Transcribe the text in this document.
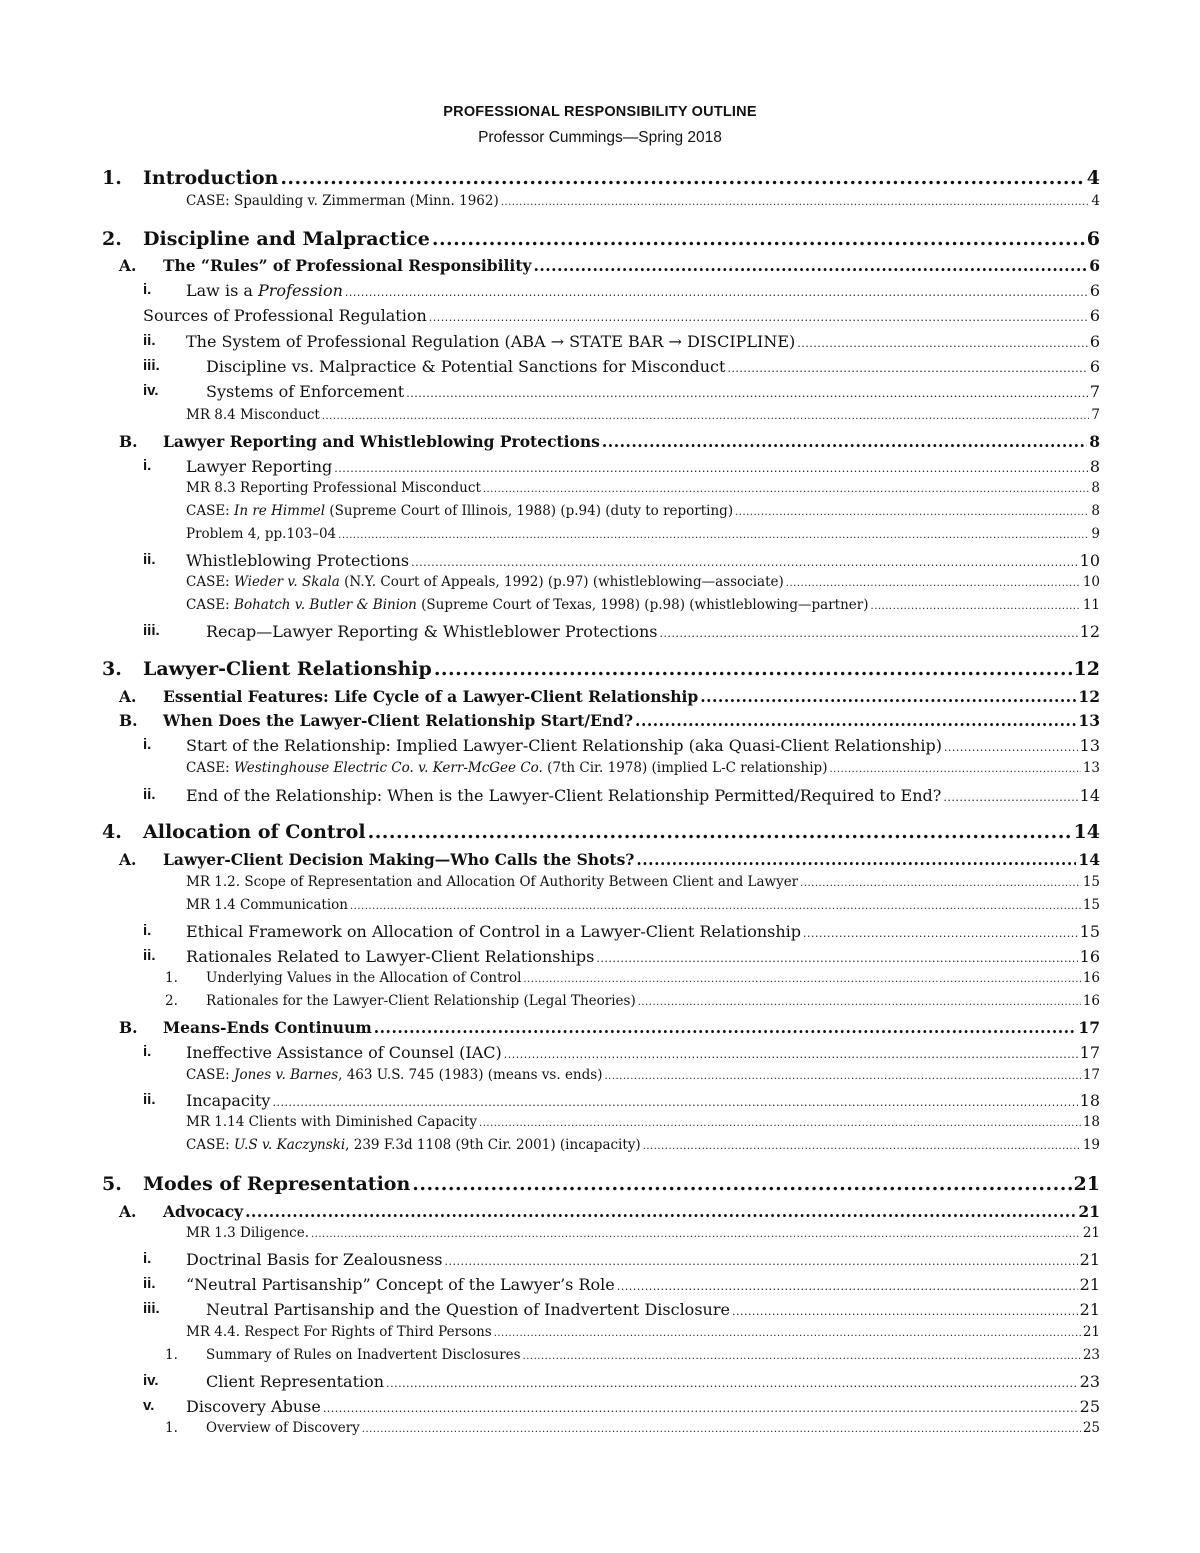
PROFESSIONAL RESPONSIBILITY OUTLINE
Professor Cummings—Spring 2018
1. Introduction .....	4
CASE: Spaulding v. Zimmerman (Minn. 1962) .....	4
2. Discipline and Malpractice .....	6
A. The “Rules” of Professional Responsibility .....	6
i. Law is a Profession .....	6
Sources of Professional Regulation .....	6
ii. The System of Professional Regulation (ABA → STATE BAR → DISCIPLINE) .....	6
iii.	Discipline vs. Malpractice & Potential Sanctions for Misconduct .....	6
iv.	Systems of Enforcement .....	7
MR 8.4 Misconduct .....	7
B. Lawyer Reporting and Whistleblowing Protections .....	8
i. Lawyer Reporting .....	8
MR 8.3 Reporting Professional Misconduct .....	8
CASE: In re Himmel (Supreme Court of Illinois, 1988) (p.94) (duty to reporting) .....	8
Problem 4, pp.103–04 .....	9
ii. Whistleblowing Protections .....	10
CASE: Wieder v. Skala (N.Y. Court of Appeals, 1992) (p.97) (whistleblowing—associate) .....	10
CASE: Bohatch v. Butler & Binion (Supreme Court of Texas, 1998) (p.98) (whistleblowing—partner) .....	11
iii.	Recap—Lawyer Reporting & Whistleblower Protections .....	12
3. Lawyer-Client Relationship .....	12
A. Essential Features: Life Cycle of a Lawyer-Client Relationship .....	12
B. When Does the Lawyer-Client Relationship Start/End? .....	13
i. Start of the Relationship: Implied Lawyer-Client Relationship (aka Quasi-Client Relationship) .....	13
CASE: Westinghouse Electric Co. v. Kerr-McGee Co. (7th Cir. 1978) (implied L-C relationship) .....	13
ii. End of the Relationship: When is the Lawyer-Client Relationship Permitted/Required to End? .....	14
4. Allocation of Control .....	14
A. Lawyer-Client Decision Making—Who Calls the Shots? .....	14
MR 1.2. Scope of Representation and Allocation Of Authority Between Client and Lawyer .....	15
MR 1.4 Communication .....	15
i. Ethical Framework on Allocation of Control in a Lawyer-Client Relationship .....	15
ii. Rationales Related to Lawyer-Client Relationships .....	16
1. Underlying Values in the Allocation of Control .....	16
2. Rationales for the Lawyer-Client Relationship (Legal Theories) .....	16
B. Means-Ends Continuum .....	17
i. Ineffective Assistance of Counsel (IAC) .....	17
CASE: Jones v. Barnes, 463 U.S. 745 (1983) (means vs. ends) .....	17
ii. Incapacity .....	18
MR 1.14 Clients with Diminished Capacity .....	18
CASE: U.S v. Kaczynski, 239 F.3d 1108 (9th Cir. 2001) (incapacity) .....	19
5. Modes of Representation .....	21
A. Advocacy .....	21
MR 1.3 Diligence. .....	21
i. Doctrinal Basis for Zealousness .....	21
ii. “Neutral Partisanship” Concept of the Lawyer’s Role .....	21
iii.	Neutral Partisanship and the Question of Inadvertent Disclosure .....	21
MR 4.4. Respect For Rights of Third Persons .....	21
1. Summary of Rules on Inadvertent Disclosures .....	23
iv.	Client Representation .....	23
v. Discovery Abuse .....	25
1. Overview of Discovery .....	25
